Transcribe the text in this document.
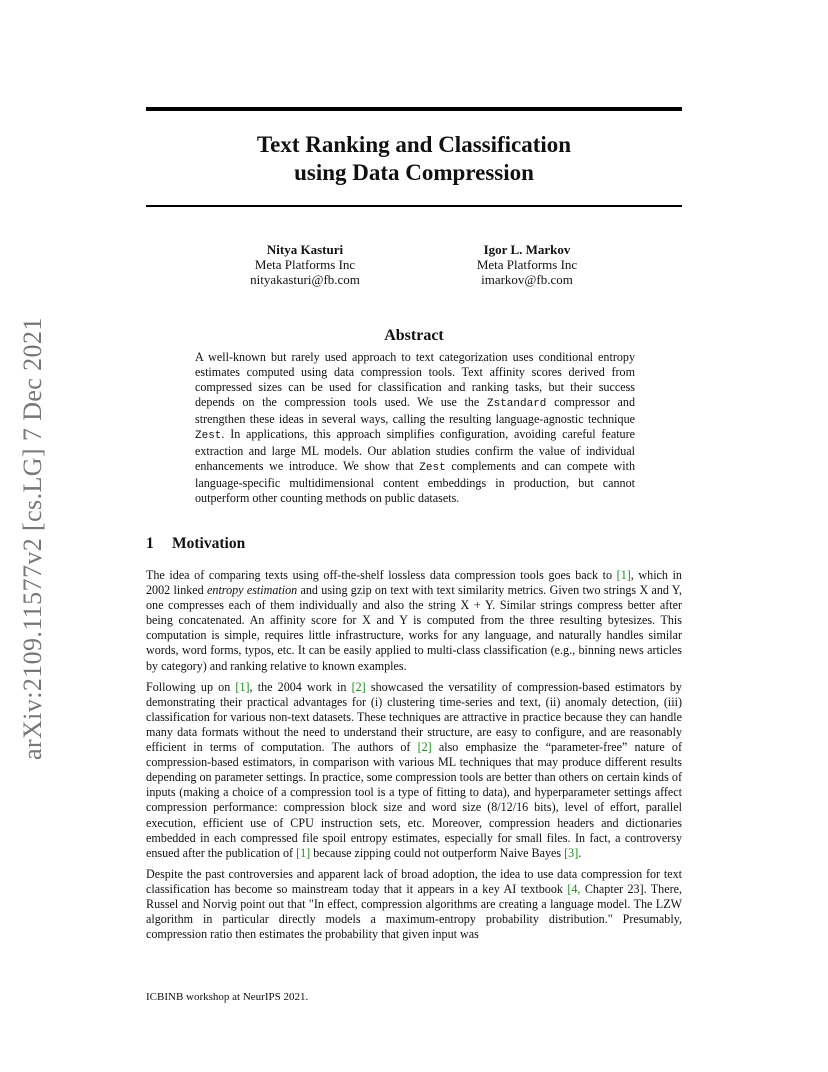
arXiv:2109.11577v2 [cs.LG] 7 Dec 2021
Text Ranking and Classification
using Data Compression
Nitya Kasturi
Meta Platforms Inc
nityakasturi@fb.com
Igor L. Markov
Meta Platforms Inc
imarkov@fb.com
Abstract
A well-known but rarely used approach to text categorization uses conditional entropy estimates computed using data compression tools. Text affinity scores derived from compressed sizes can be used for classification and ranking tasks, but their success depends on the compression tools used. We use the Zstandard compressor and strengthen these ideas in several ways, calling the resulting language-agnostic technique Zest. In applications, this approach simplifies configuration, avoiding careful feature extraction and large ML models. Our ablation studies confirm the value of individual enhancements we introduce. We show that Zest complements and can compete with language-specific multidimensional content embeddings in production, but cannot outperform other counting methods on public datasets.
1 Motivation

The idea of comparing texts using off-the-shelf lossless data compression tools goes back to [1], which in 2002 linked entropy estimation and using gzip on text with text similarity metrics. Given two strings X and Y, one compresses each of them individually and also the string X + Y. Similar strings compress better after being concatenated. An affinity score for X and Y is computed from the three resulting bytesizes. This computation is simple, requires little infrastructure, works for any language, and naturally handles similar words, word forms, typos, etc. It can be easily applied to multi-class classification (e.g., binning news articles by category) and ranking relative to known examples.

Following up on [1], the 2004 work in [2] showcased the versatility of compression-based estimators by demonstrating their practical advantages for (i) clustering time-series and text, (ii) anomaly detection, (iii) classification for various non-text datasets. These techniques are attractive in practice because they can handle many data formats without the need to understand their structure, are easy to configure, and are reasonably efficient in terms of computation. The authors of [2] also emphasize the “parameter-free” nature of compression-based estimators, in comparison with various ML techniques that may produce different results depending on parameter settings. In practice, some compression tools are better than others on certain kinds of inputs (making a choice of a compression tool is a type of fitting to data), and hyperparameter settings affect compression performance: compression block size and word size (8/12/16 bits), level of effort, parallel execution, efficient use of CPU instruction sets, etc. Moreover, compression headers and dictionaries embedded in each compressed file spoil entropy estimates, especially for small files. In fact, a controversy ensued after the publication of [1] because zipping could not outperform Naive Bayes [3].

Despite the past controversies and apparent lack of broad adoption, the idea to use data compression for text classification has become so mainstream today that it appears in a key AI textbook [4, Chapter 23]. There, Russel and Norvig point out that "In effect, compression algorithms are creating a language model. The LZW algorithm in particular directly models a maximum-entropy probability distribution." Presumably, compression ratio then estimates the probability that given input was

ICBINB workshop at NeurIPS 2021.
